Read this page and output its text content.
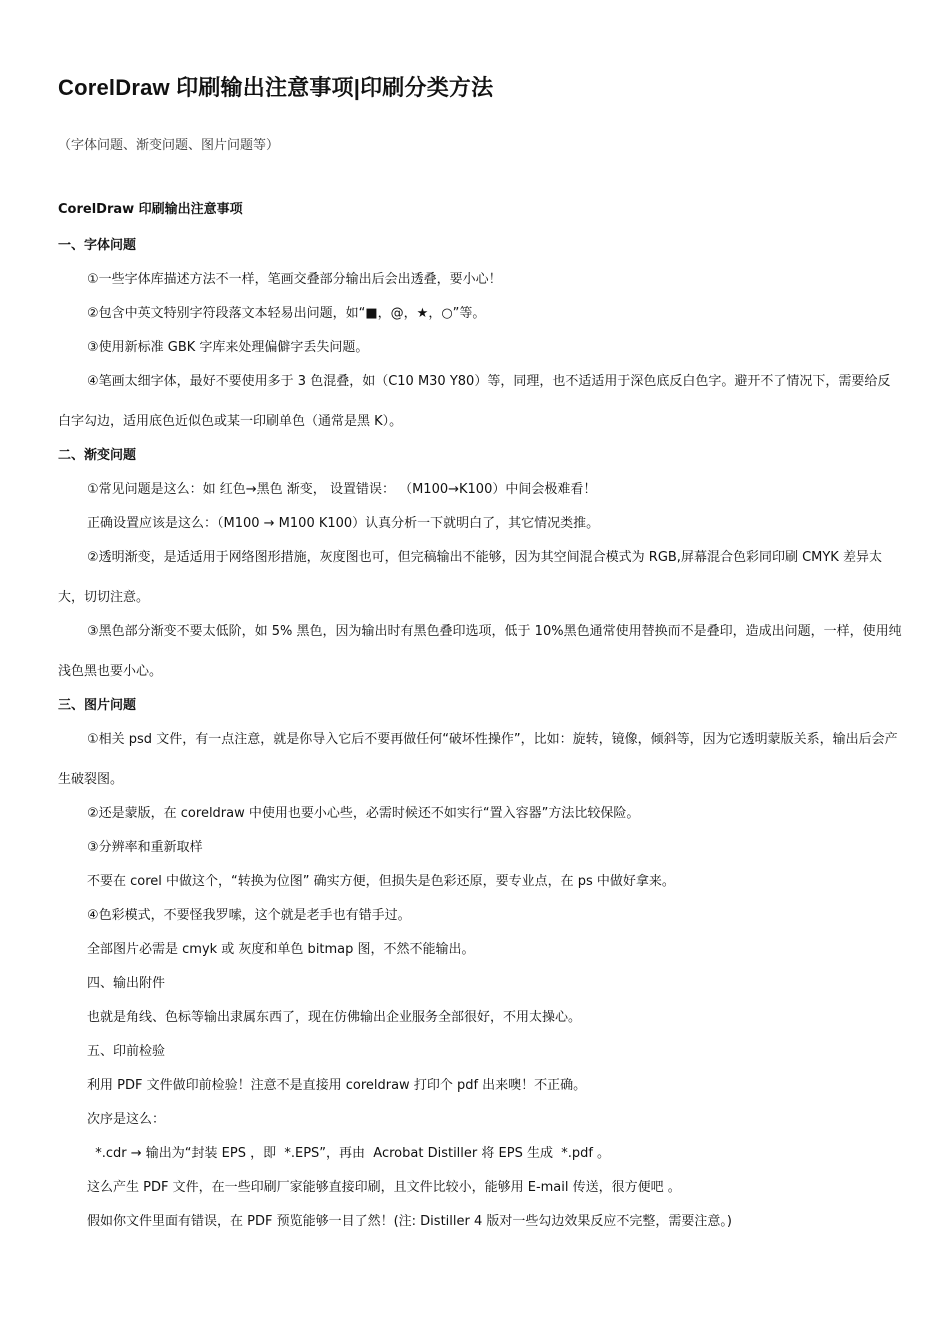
CorelDraw 印刷输出注意事项|印刷分类方法
（字体问题、渐变问题、图片问题等）
CorelDraw 印刷输出注意事项
一、字体问题

①一些字体库描述方法不一样，笔画交叠部分输出后会出透叠，要小心！

②包含中英文特别字符段落文本轻易出问题，如“■，@，★，○”等。

③使用新标准 GBK 字库来处理偏僻字丢失问题。

④笔画太细字体，最好不要使用多于 3 色混叠，如（C10 M30 Y80）等，同理，也不适适用于深色底反白色字。避开不了情况下，需要给反白字勾边，适用底色近似色或某一印刷单色（通常是黑 K）。

二、渐变问题

①常见问题是这么：如 红色→黑色 渐变， 设置错误： （M100→K100）中间会极难看！

正确设置应该是这么：（M100 → M100 K100）认真分析一下就明白了，其它情况类推。

②透明渐变，是适适用于网络图形措施，灰度图也可，但完稿输出不能够，因为其空间混合模式为 RGB,屏幕混合色彩同印刷 CMYK 差异太大，切切注意。

③黑色部分渐变不要太低阶，如 5% 黑色，因为输出时有黑色叠印选项，低于 10%黑色通常使用替换而不是叠印，造成出问题，一样，使用纯浅色黑也要小心。

三、图片问题

①相关 psd 文件，有一点注意，就是你导入它后不要再做任何“破坏性操作”，比如：旋转，镜像，倾斜等，因为它透明蒙版关系，输出后会产生破裂图。

②还是蒙版，在 coreldraw 中使用也要小心些，必需时候还不如实行“置入容器”方法比较保险。

③分辨率和重新取样

不要在 corel 中做这个，“转换为位图” 确实方便，但损失是色彩还原，要专业点，在 ps 中做好拿来。

④色彩模式，不要怪我罗嗦，这个就是老手也有错手过。

全部图片必需是 cmyk 或 灰度和单色 bitmap 图，不然不能输出。

四、输出附件

也就是角线、色标等输出隶属东西了，现在仿佛输出企业服务全部很好，不用太操心。

五、印前检验

利用 PDF 文件做印前检验！注意不是直接用 coreldraw 打印个 pdf 出来噢！不正确。

次序是这么：

*.cdr → 输出为“封装 EPS ，即  *.EPS”，再由  Acrobat Distiller 将 EPS 生成  *.pdf 。

这么产生 PDF 文件，在一些印刷厂家能够直接印刷，且文件比较小，能够用 E-mail 传送，很方便吧 。

假如你文件里面有错误，在 PDF 预览能够一目了然！(注: Distiller 4 版对一些勾边效果反应不完整，需要注意。)
